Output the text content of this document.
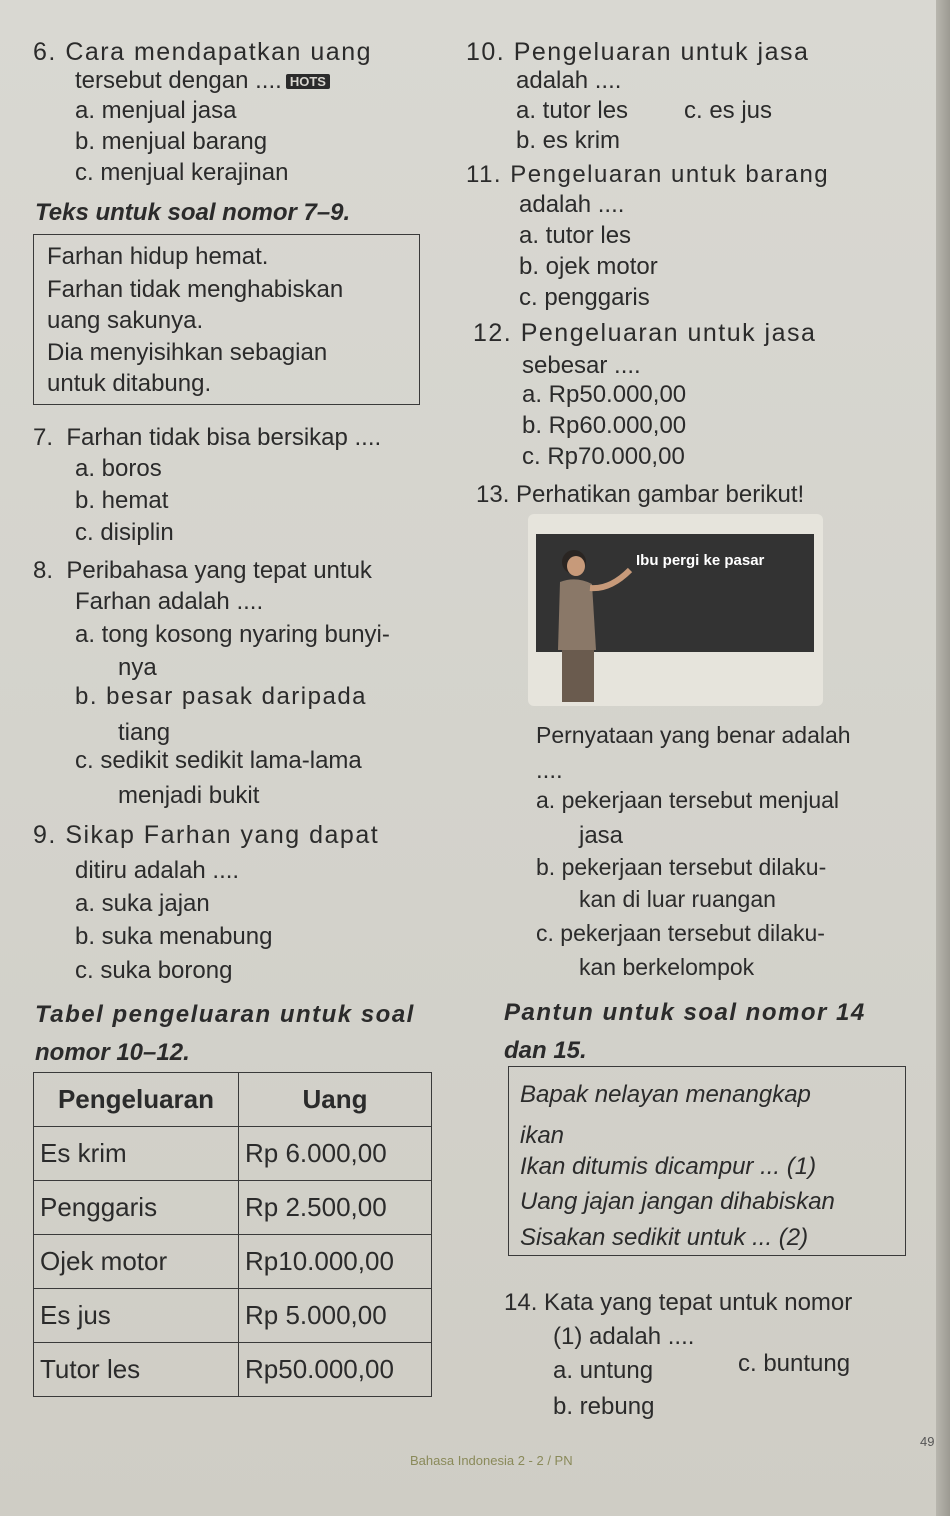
6. Cara mendapatkan uang
tersebut dengan .... HOTS
a. menjual jasa
b. menjual barang
c. menjual kerajinan
Teks untuk soal nomor 7–9.
Farhan hidup hemat.
Farhan tidak menghabiskan
uang sakunya.
Dia menyisihkan sebagian
untuk ditabung.
7. Farhan tidak bisa bersikap ....
a. boros
b. hemat
c. disiplin
8. Peribahasa yang tepat untuk
Farhan adalah ....
a. tong kosong nyaring bunyi-
nya
b. besar pasak daripada
tiang
c. sedikit sedikit lama-lama
menjadi bukit
9. Sikap Farhan yang dapat
ditiru adalah ....
a. suka jajan
b. suka menabung
c. suka borong
Tabel pengeluaran untuk soal
nomor 10–12.
Pengeluaran	Uang
Es krim	Rp 6.000,00
Penggaris	Rp 2.500,00
Ojek motor	Rp10.000,00
Es jus	Rp 5.000,00
Tutor les	Rp50.000,00
10. Pengeluaran untuk jasa
adalah ....
a. tutor les c. es jus
b. es krim
11. Pengeluaran untuk barang
adalah ....
a. tutor les
b. ojek motor
c. penggaris
12. Pengeluaran untuk jasa
sebesar ....
a. Rp50.000,00
b. Rp60.000,00
c. Rp70.000,00
13. Perhatikan gambar berikut!
Ibu pergi ke pasar
Pernyataan yang benar adalah
....
a. pekerjaan tersebut menjual
jasa
b. pekerjaan tersebut dilaku-
kan di luar ruangan
c. pekerjaan tersebut dilaku-
kan berkelompok
Pantun untuk soal nomor 14
dan 15.
Bapak nelayan menangkap
ikan
Ikan ditumis dicampur ... (1)
Uang jajan jangan dihabiskan
Sisakan sedikit untuk ... (2)
14. Kata yang tepat untuk nomor
(1) adalah ....
a. untung	c. buntung
b. rebung
Bahasa Indonesia 2 - 2 / PN
49
